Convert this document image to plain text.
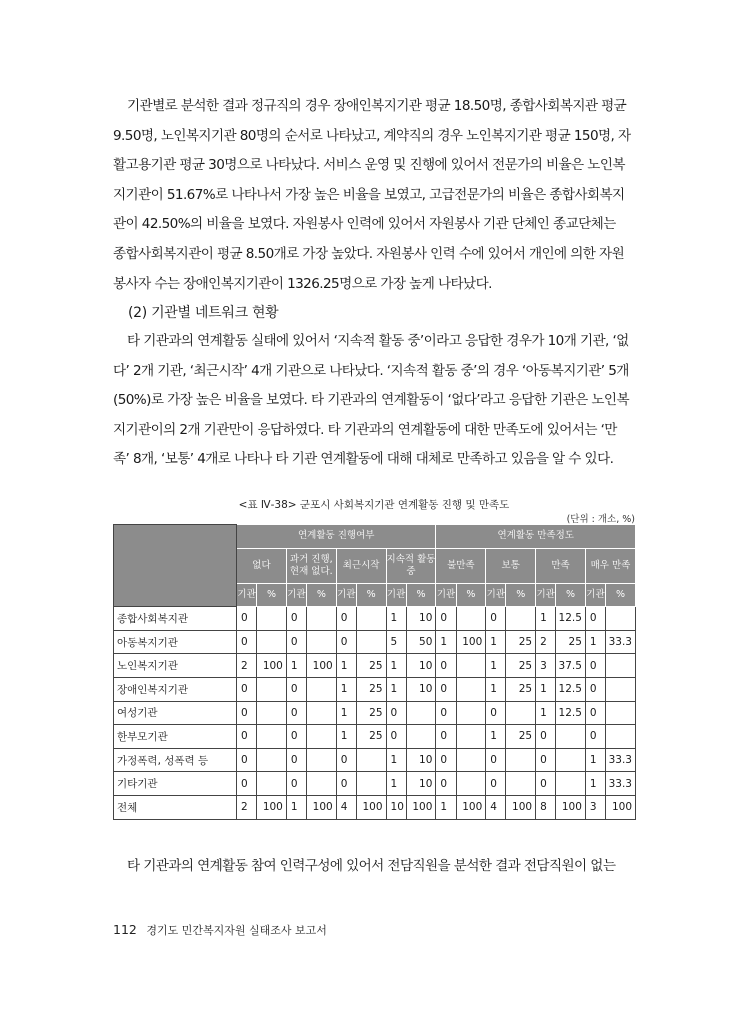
기관별로 분석한 결과 정규직의 경우 장애인복지기관 평균 18.50명, 종합사회복지관 평균
9.50명, 노인복지기관 80명의 순서로 나타났고, 계약직의 경우 노인복지기관 평균 150명, 자
활고용기관 평균 30명으로 나타났다. 서비스 운영 및 진행에 있어서 전문가의 비율은 노인복
지기관이 51.67%로 나타나서 가장 높은 비율을 보였고, 고급전문가의 비율은 종합사회복지
관이 42.50%의 비율을 보였다. 자원봉사 인력에 있어서 자원봉사 기관 단체인 종교단체는
종합사회복지관이 평균 8.50개로 가장 높았다. 자원봉사 인력 수에 있어서 개인에 의한 자원
봉사자 수는 장애인복지기관이 1326.25명으로 가장 높게 나타났다.
(2) 기관별 네트워크 현황
타 기관과의 연계활동 실태에 있어서 ‘지속적 활동 중’이라고 응답한 경우가 10개 기관, ‘없
다’ 2개 기관, ‘최근시작’ 4개 기관으로 나타났다. ‘지속적 활동 중’의 경우 ‘아동복지기관’ 5개
(50%)로 가장 높은 비율을 보였다. 타 기관과의 연계활동이 ‘없다’라고 응답한 기관은 노인복
지기관이의 2개 기관만이 응답하였다. 타 기관과의 연계활동에 대한 만족도에 있어서는 ‘만
족’ 8개, ‘보통’ 4개로 나타나 타 기관 연계활동에 대해 대체로 만족하고 있음을 알 수 있다.
<표 Ⅳ-38> 군포시 사회복지기관 연계활동 진행 및 만족도
(단위 : 개소, %)
	연계활동 진행여부								연계활동 만족정도							
	없다		과거 진행, 현재 없다.		최근시작		지속적 활동 중		불만족		보통		만족		매우 만족	
	기관	%	기관	%	기관	%	기관	%	기관	%	기관	%	기관	%	기관	%
종합사회복지관	0		0		0		1	10	0		0		1	12.5	0	
아동복지기관	0		0		0		5	50	1	100	1	25	2	25	1	33.3
노인복지기관	2	100	1	100	1	25	1	10	0		1	25	3	37.5	0	
장애인복지기관	0		0		1	25	1	10	0		1	25	1	12.5	0	
여성기관	0		0		1	25	0		0		0		1	12.5	0	
한부모기관	0		0		1	25	0		0		1	25	0		0	
가정폭력, 성폭력 등	0		0		0		1	10	0		0		0		1	33.3
기타기관	0		0		0		1	10	0		0		0		1	33.3
전체	2	100	1	100	4	100	10	100	1	100	4	100	8	100	3	100
타 기관과의 연계활동 참여 인력구성에 있어서 전담직원을 분석한 결과 전담직원이 없는
112 경기도 민간복지자원 실태조사 보고서
